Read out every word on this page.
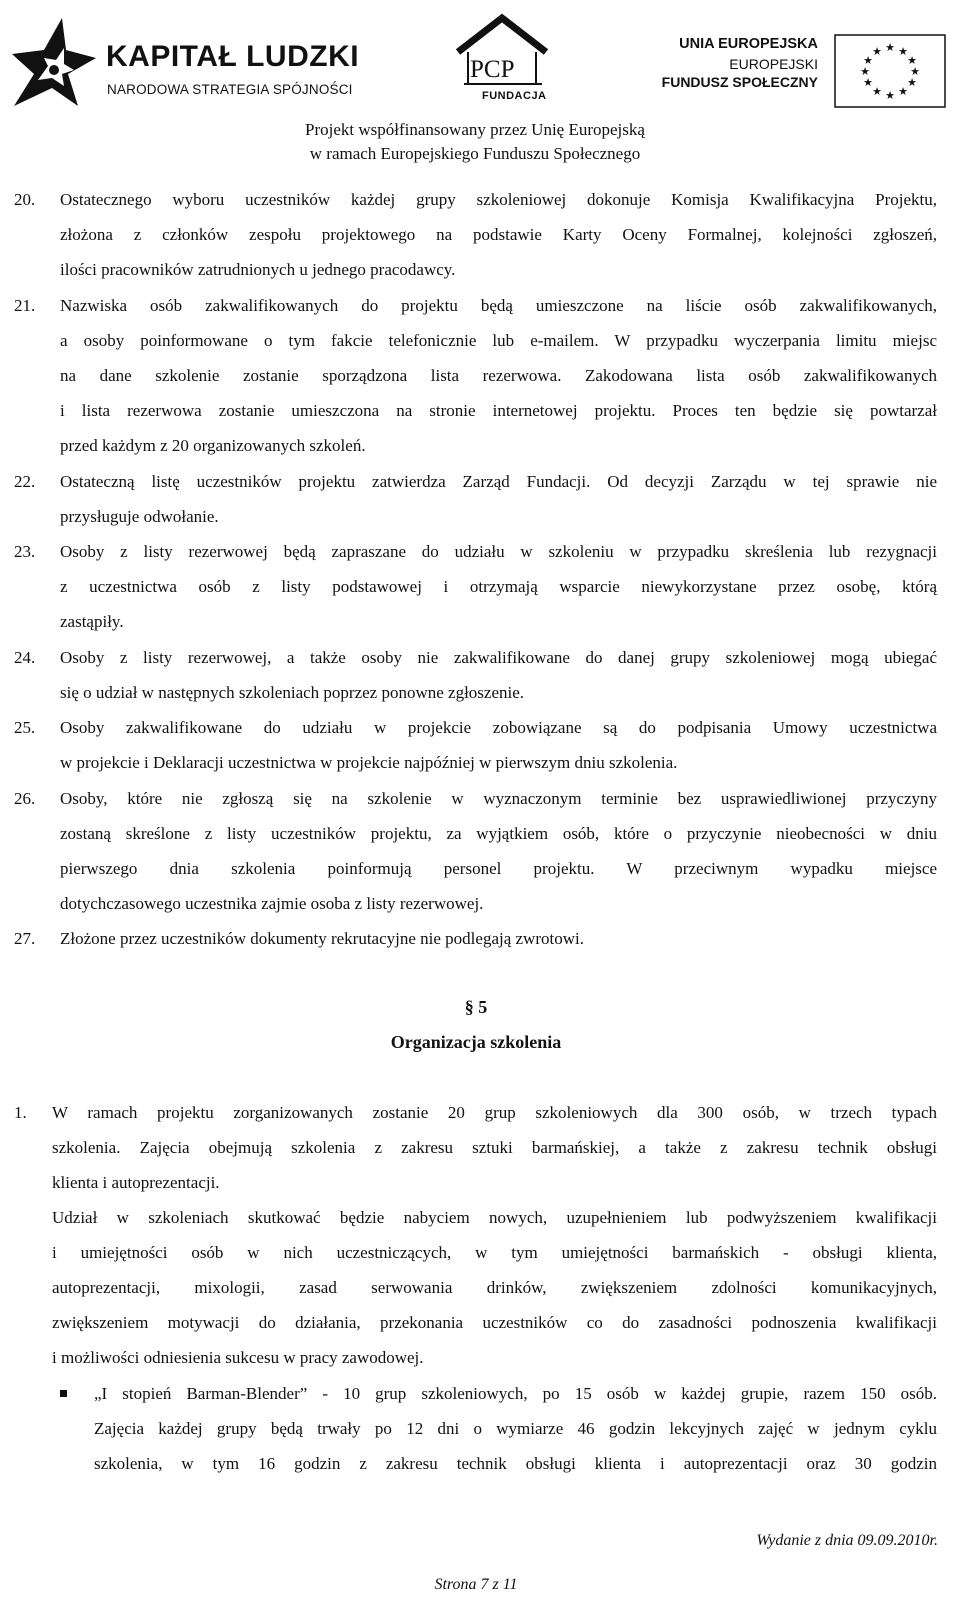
KAPITAŁ LUDZKI
NARODOWA STRATEGIA SPÓJNOŚCI
PCP
FUNDACJA
UNIA EUROPEJSKA
EUROPEJSKI
FUNDUSZ SPOŁECZNY
★ ★
★
★
★
★
★
★
★
★
★
★
Projekt współfinansowany przez Unię Europejską
w ramach Europejskiego Funduszu Społecznego
20. Ostatecznego wyboru uczestników każdej grupy szkoleniowej dokonuje Komisja Kwalifikacyjna Projektu,
złożona z członków zespołu projektowego na podstawie Karty Oceny Formalnej, kolejności zgłoszeń,
ilości pracowników zatrudnionych u jednego pracodawcy.
21. Nazwiska osób zakwalifikowanych do projektu będą umieszczone na liście osób zakwalifikowanych,
a osoby poinformowane o tym fakcie telefonicznie lub e-mailem. W przypadku wyczerpania limitu miejsc
na dane szkolenie zostanie sporządzona lista rezerwowa. Zakodowana lista osób zakwalifikowanych
i lista rezerwowa zostanie umieszczona na stronie internetowej projektu. Proces ten będzie się powtarzał
przed każdym z 20 organizowanych szkoleń.
22. Ostateczną listę uczestników projektu zatwierdza Zarząd Fundacji. Od decyzji Zarządu w tej sprawie nie
przysługuje odwołanie.
23. Osoby z listy rezerwowej będą zapraszane do udziału w szkoleniu w przypadku skreślenia lub rezygnacji
z uczestnictwa osób z listy podstawowej i otrzymają wsparcie niewykorzystane przez osobę, którą
zastąpiły.
24. Osoby z listy rezerwowej, a także osoby nie zakwalifikowane do danej grupy szkoleniowej mogą ubiegać
się o udział w następnych szkoleniach poprzez ponowne zgłoszenie.
25. Osoby zakwalifikowane do udziału w projekcie zobowiązane są do podpisania Umowy uczestnictwa
w projekcie i Deklaracji uczestnictwa w projekcie najpóźniej w pierwszym dniu szkolenia.
26. Osoby, które nie zgłoszą się na szkolenie w wyznaczonym terminie bez usprawiedliwionej przyczyny
zostaną skreślone z listy uczestników projektu, za wyjątkiem osób, które o przyczynie nieobecności w dniu
pierwszego dnia szkolenia poinformują personel projektu. W przeciwnym wypadku miejsce
dotychczasowego uczestnika zajmie osoba z listy rezerwowej.
27. Złożone przez uczestników dokumenty rekrutacyjne nie podlegają zwrotowi.
§ 5
Organizacja szkolenia
1. W ramach projektu zorganizowanych zostanie 20 grup szkoleniowych dla 300 osób, w trzech typach
szkolenia. Zajęcia obejmują szkolenia z zakresu sztuki barmańskiej, a także z zakresu technik obsługi
klienta i autoprezentacji.
Udział w szkoleniach skutkować będzie nabyciem nowych, uzupełnieniem lub podwyższeniem kwalifikacji
i umiejętności osób w nich uczestniczących, w tym umiejętności barmańskich - obsługi klienta,
autoprezentacji, mixologii, zasad serwowania drinków, zwiększeniem zdolności komunikacyjnych,
zwiększeniem motywacji do działania, przekonania uczestników co do zasadności podnoszenia kwalifikacji
i możliwości odniesienia sukcesu w pracy zawodowej.
„I stopień Barman-Blender” - 10 grup szkoleniowych, po 15 osób w każdej grupie, razem 150 osób.
Zajęcia każdej grupy będą trwały po 12 dni o wymiarze 46 godzin lekcyjnych zajęć w jednym cyklu
szkolenia, w tym 16 godzin z zakresu technik obsługi klienta i autoprezentacji oraz 30 godzin
Wydanie z dnia 09.09.2010r.
Strona 7 z 11
